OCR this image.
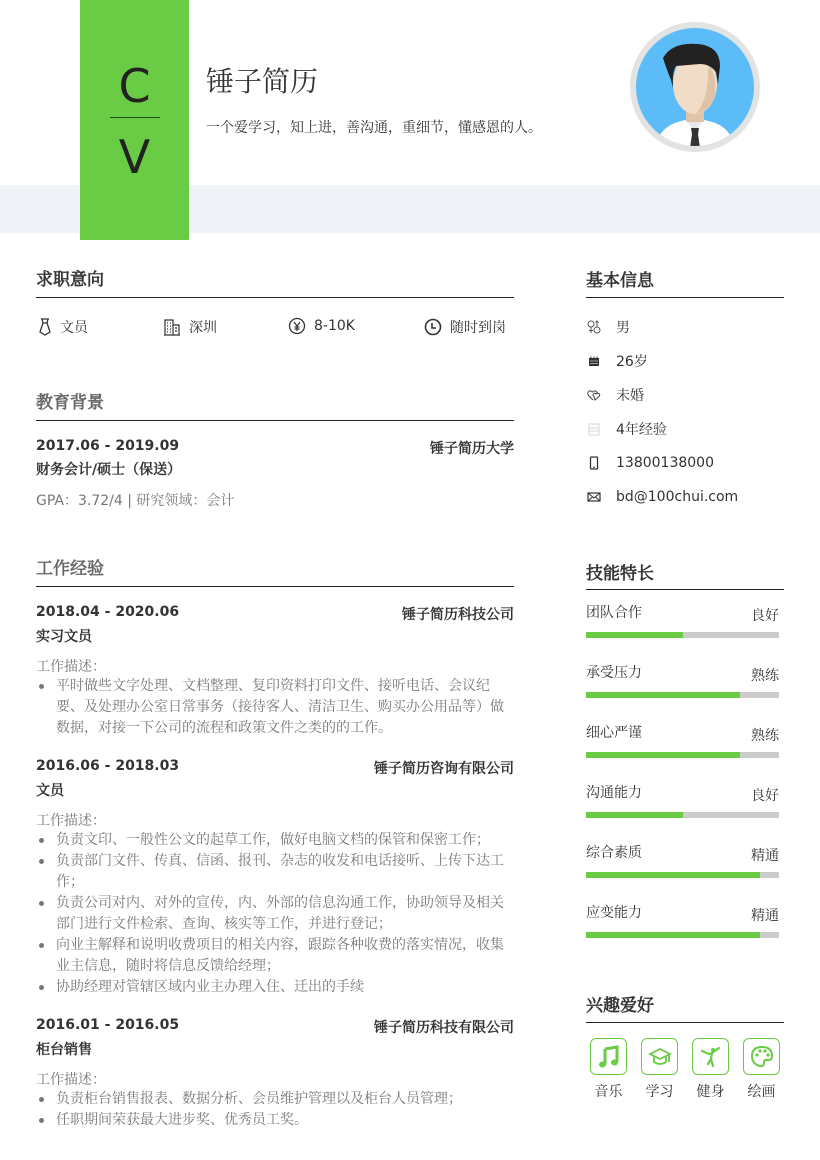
C
V
锤子简历
一个爱学习，知上进，善沟通，重细节，懂感恩的人。
求职意向
文员	深圳	8-10K	随时到岗
教育背景
2017.06 - 2019.09	锤子简历大学
财务会计/硕士（保送）
GPA：3.72/4 | 研究领域：会计
工作经验
2018.04 - 2020.06	锤子简历科技公司
实习文员
工作描述：
平时做些文字处理、文档整理、复印资料打印文件、接听电话、会议纪要、及处理办公室日常事务（接待客人、清洁卫生、购买办公用品等）做数据，对接一下公司的流程和政策文件之类的的工作。
2016.06 - 2018.03	锤子简历咨询有限公司
文员
工作描述：
负责文印、一般性公文的起草工作，做好电脑文档的保管和保密工作；
负责部门文件、传真、信函、报刊、杂志的收发和电话接听、上传下达工作；
负责公司对内、对外的宣传，内、外部的信息沟通工作，协助领导及相关部门进行文件检索、查询、核实等工作，并进行登记；
向业主解释和说明收费项目的相关内容，跟踪各种收费的落实情况，收集业主信息，随时将信息反馈给经理；
协助经理对管辖区域内业主办理入住、迁出的手续
2016.01 - 2016.05	锤子简历科技有限公司
柜台销售
工作描述：
负责柜台销售报表、数据分析、会员维护管理以及柜台人员管理；
任职期间荣获最大进步奖、优秀员工奖。
基本信息
男
26岁
未婚
4年经验
13800138000
bd@100chui.com
技能特长
团队合作	良好
承受压力	熟练
细心严谨	熟练
沟通能力	良好
综合素质	精通
应变能力	精通
兴趣爱好
音乐 学习 健身 绘画
